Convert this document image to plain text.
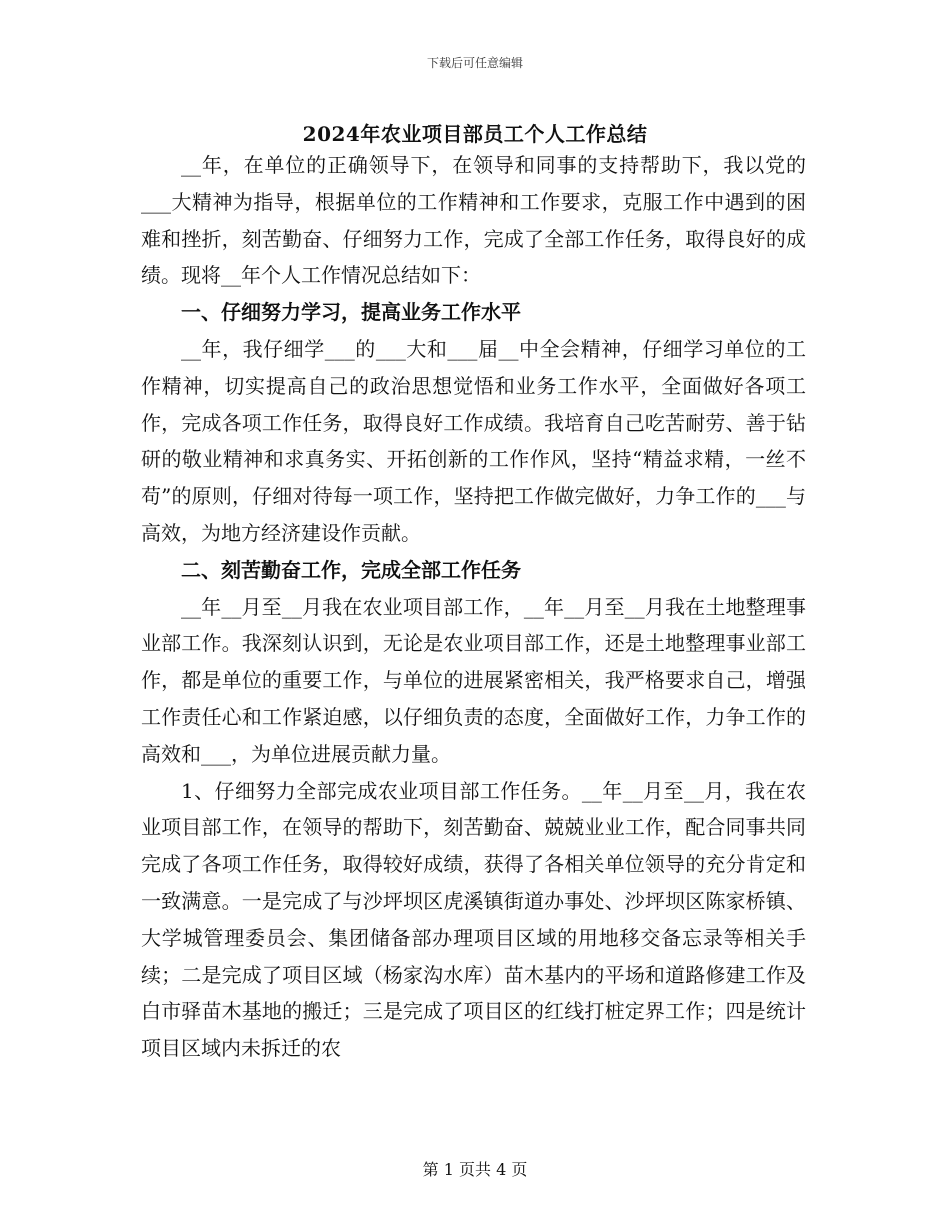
下载后可任意编辑
2024年农业项目部员工个人工作总结

__年，在单位的正确领导下，在领导和同事的支持帮助下，我以党的___大精神为指导，根据单位的工作精神和工作要求，克服工作中遇到的困难和挫折，刻苦勤奋、仔细努力工作，完成了全部工作任务，取得良好的成绩。现将__年个人工作情况总结如下：

一、仔细努力学习，提高业务工作水平

__年，我仔细学___的___大和___届__中全会精神，仔细学习单位的工作精神，切实提高自己的政治思想觉悟和业务工作水平，全面做好各项工作，完成各项工作任务，取得良好工作成绩。我培育自己吃苦耐劳、善于钻研的敬业精神和求真务实、开拓创新的工作作风，坚持“精益求精，一丝不苟”的原则，仔细对待每一项工作，坚持把工作做完做好，力争工作的___与高效，为地方经济建设作贡献。

二、刻苦勤奋工作，完成全部工作任务

__年__月至__月我在农业项目部工作，__年__月至__月我在土地整理事业部工作。我深刻认识到，无论是农业项目部工作，还是土地整理事业部工作，都是单位的重要工作，与单位的进展紧密相关，我严格要求自己，增强工作责任心和工作紧迫感，以仔细负责的态度，全面做好工作，力争工作的高效和___，为单位进展贡献力量。

1、仔细努力全部完成农业项目部工作任务。__年__月至__月，我在农业项目部工作，在领导的帮助下，刻苦勤奋、兢兢业业工作，配合同事共同完成了各项工作任务，取得较好成绩，获得了各相关单位领导的充分肯定和一致满意。一是完成了与沙坪坝区虎溪镇街道办事处、沙坪坝区陈家桥镇、大学城管理委员会、集团储备部办理项目区域的用地移交备忘录等相关手续；二是完成了项目区域（杨家沟水库）苗木基内的平场和道路修建工作及白市驿苗木基地的搬迁；三是完成了项目区的红线打桩定界工作；四是统计项目区域内未拆迁的农

第 1 页共 4 页
